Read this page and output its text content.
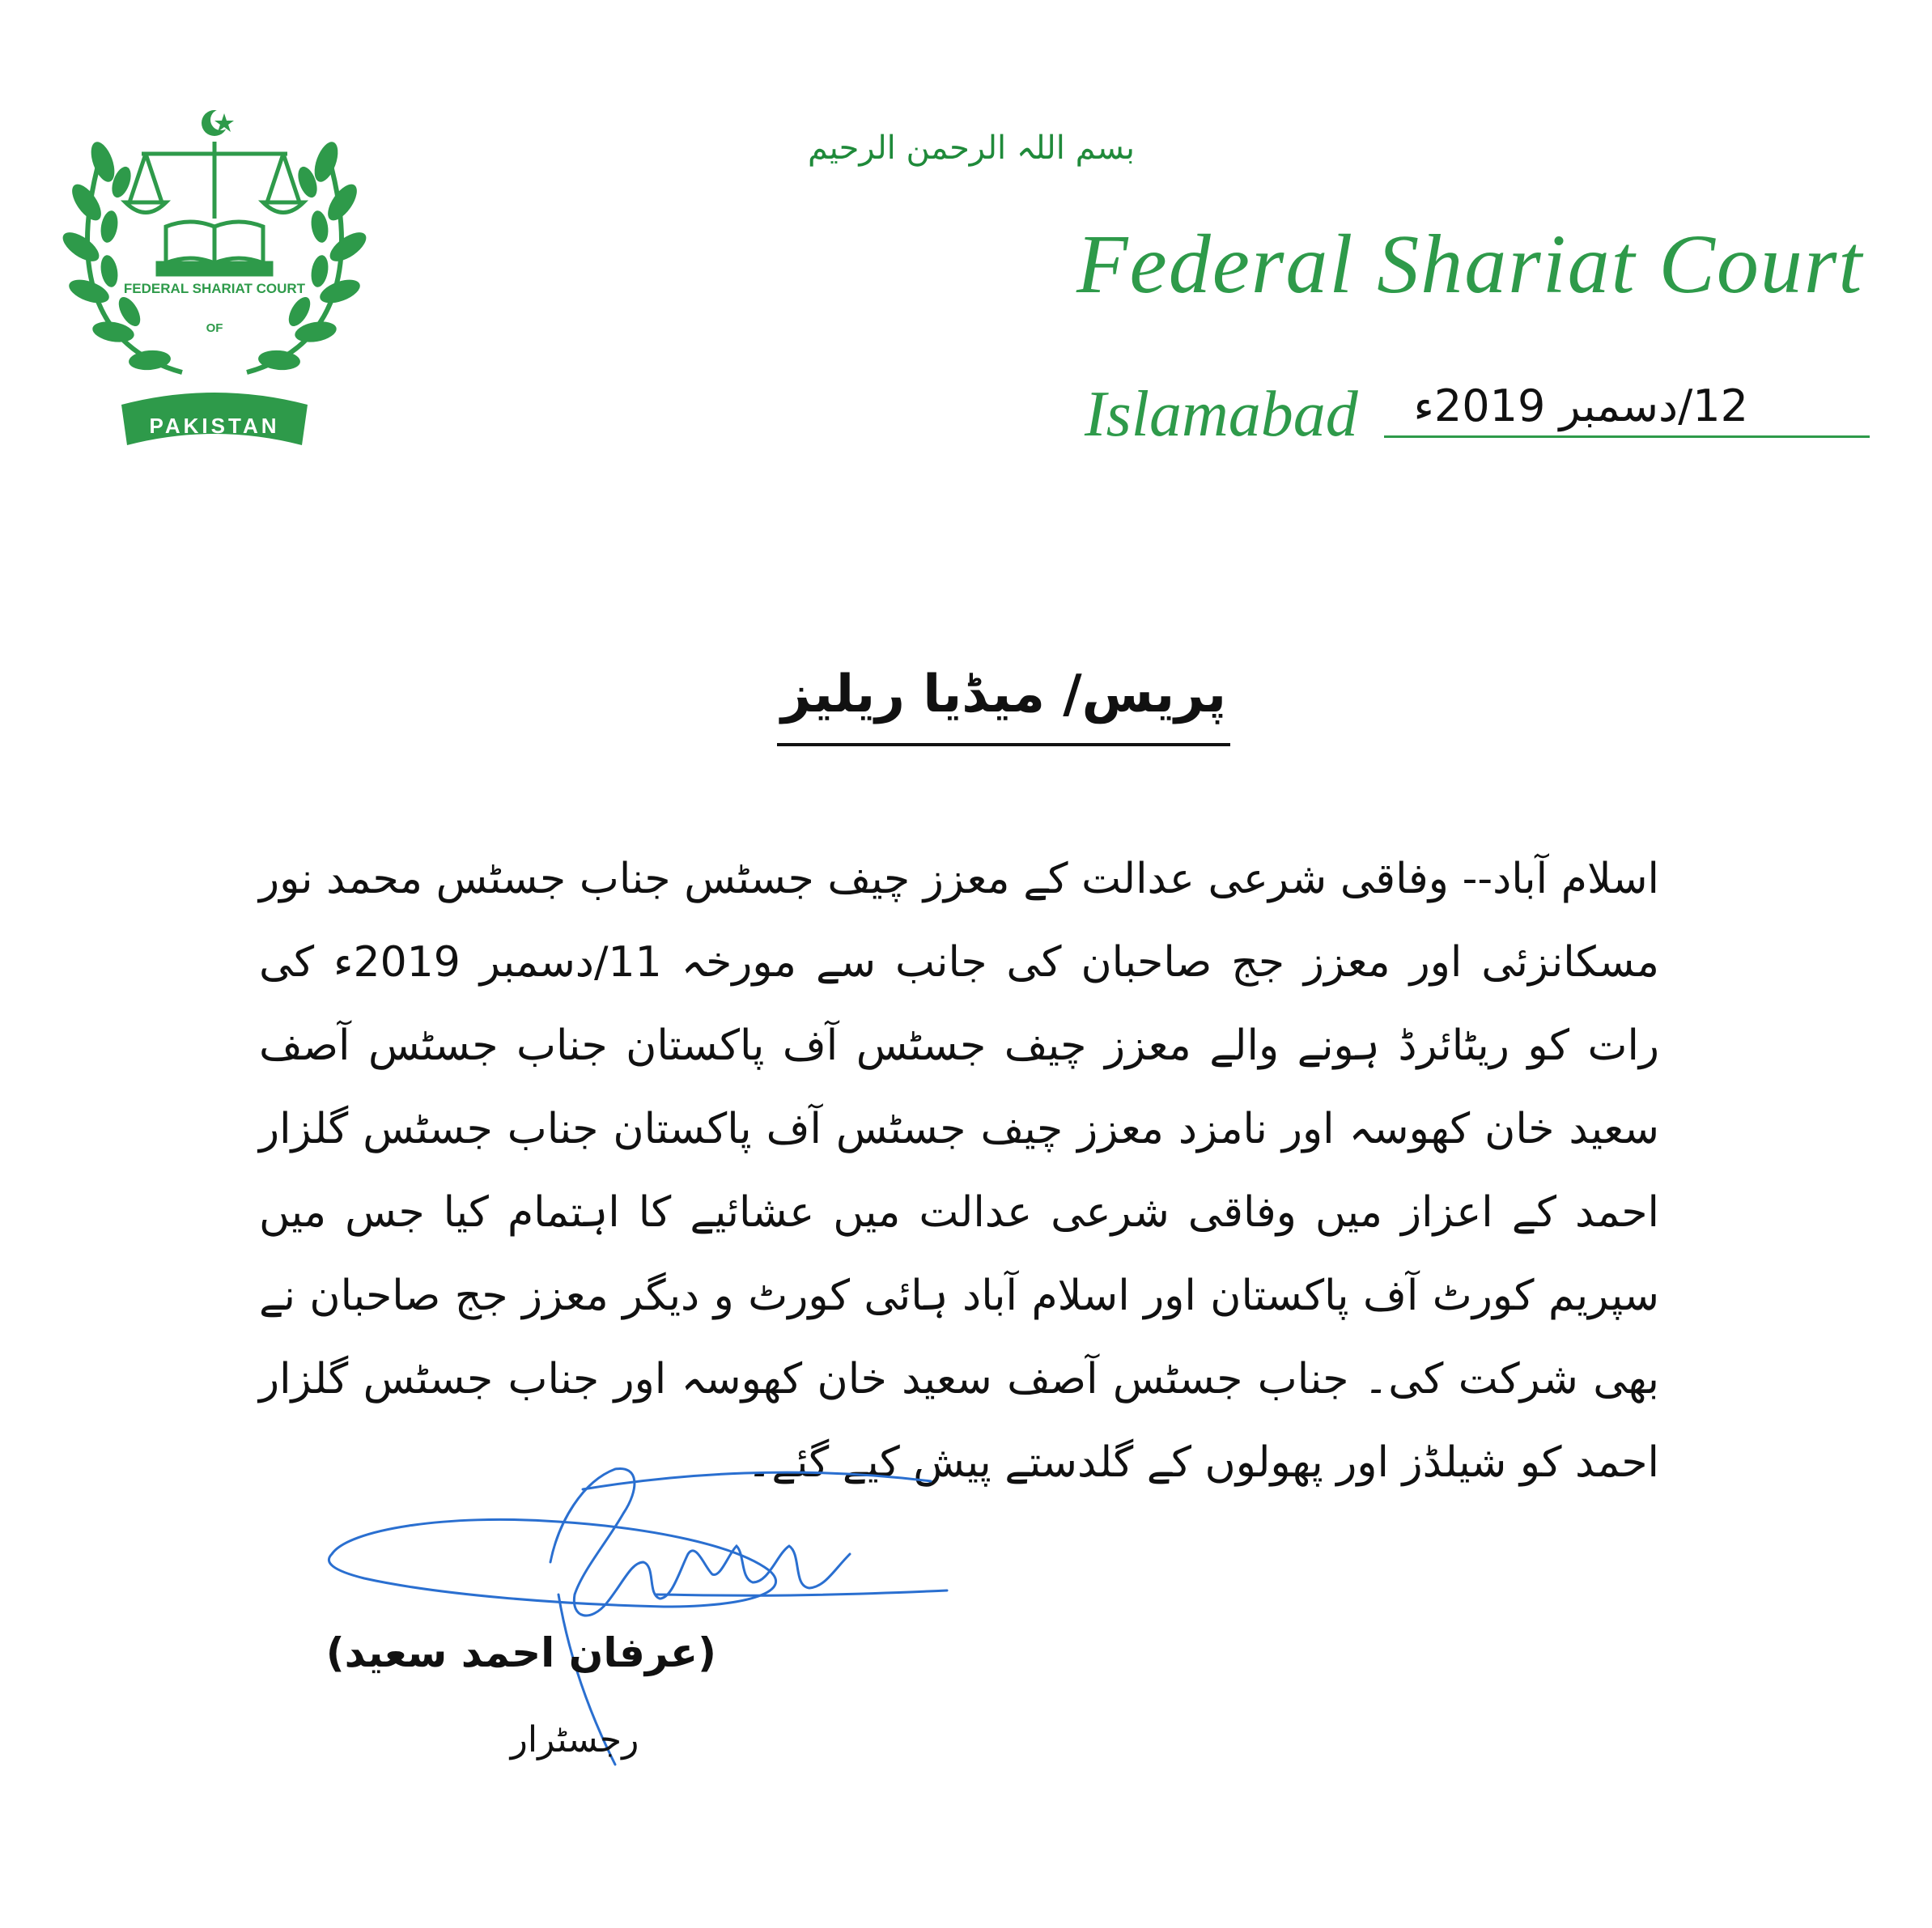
FEDERAL SHARIAT COURT
OF
PAKISTAN
بسم اللہ الرحمن الرحیم
Federal Shariat Court
Islamabad	12/دسمبر 2019ء
پریس/ میڈیا ریلیز
اسلام آباد-- وفاقی شرعی عدالت کے معزز چیف جسٹس جناب جسٹس محمد نور مسکانزئی اور معزز جج صاحبان کی جانب سے مورخہ 11/دسمبر 2019ء کی رات کو ریٹائرڈ ہونے والے معزز چیف جسٹس آف پاکستان جناب جسٹس آصف سعید خان کھوسہ اور نامزد معزز چیف جسٹس آف پاکستان جناب جسٹس گلزار احمد کے اعزاز میں وفاقی شرعی عدالت میں عشائیے کا اہتمام کیا جس میں سپریم کورٹ آف پاکستان اور اسلام آباد ہائی کورٹ و دیگر معزز جج صاحبان نے بھی شرکت کی۔ جناب جسٹس آصف سعید خان کھوسہ اور جناب جسٹس گلزار احمد کو شیلڈز اور پھولوں کے گلدستے پیش کیے گئے۔
(عرفان احمد سعید)
رجسٹرار
